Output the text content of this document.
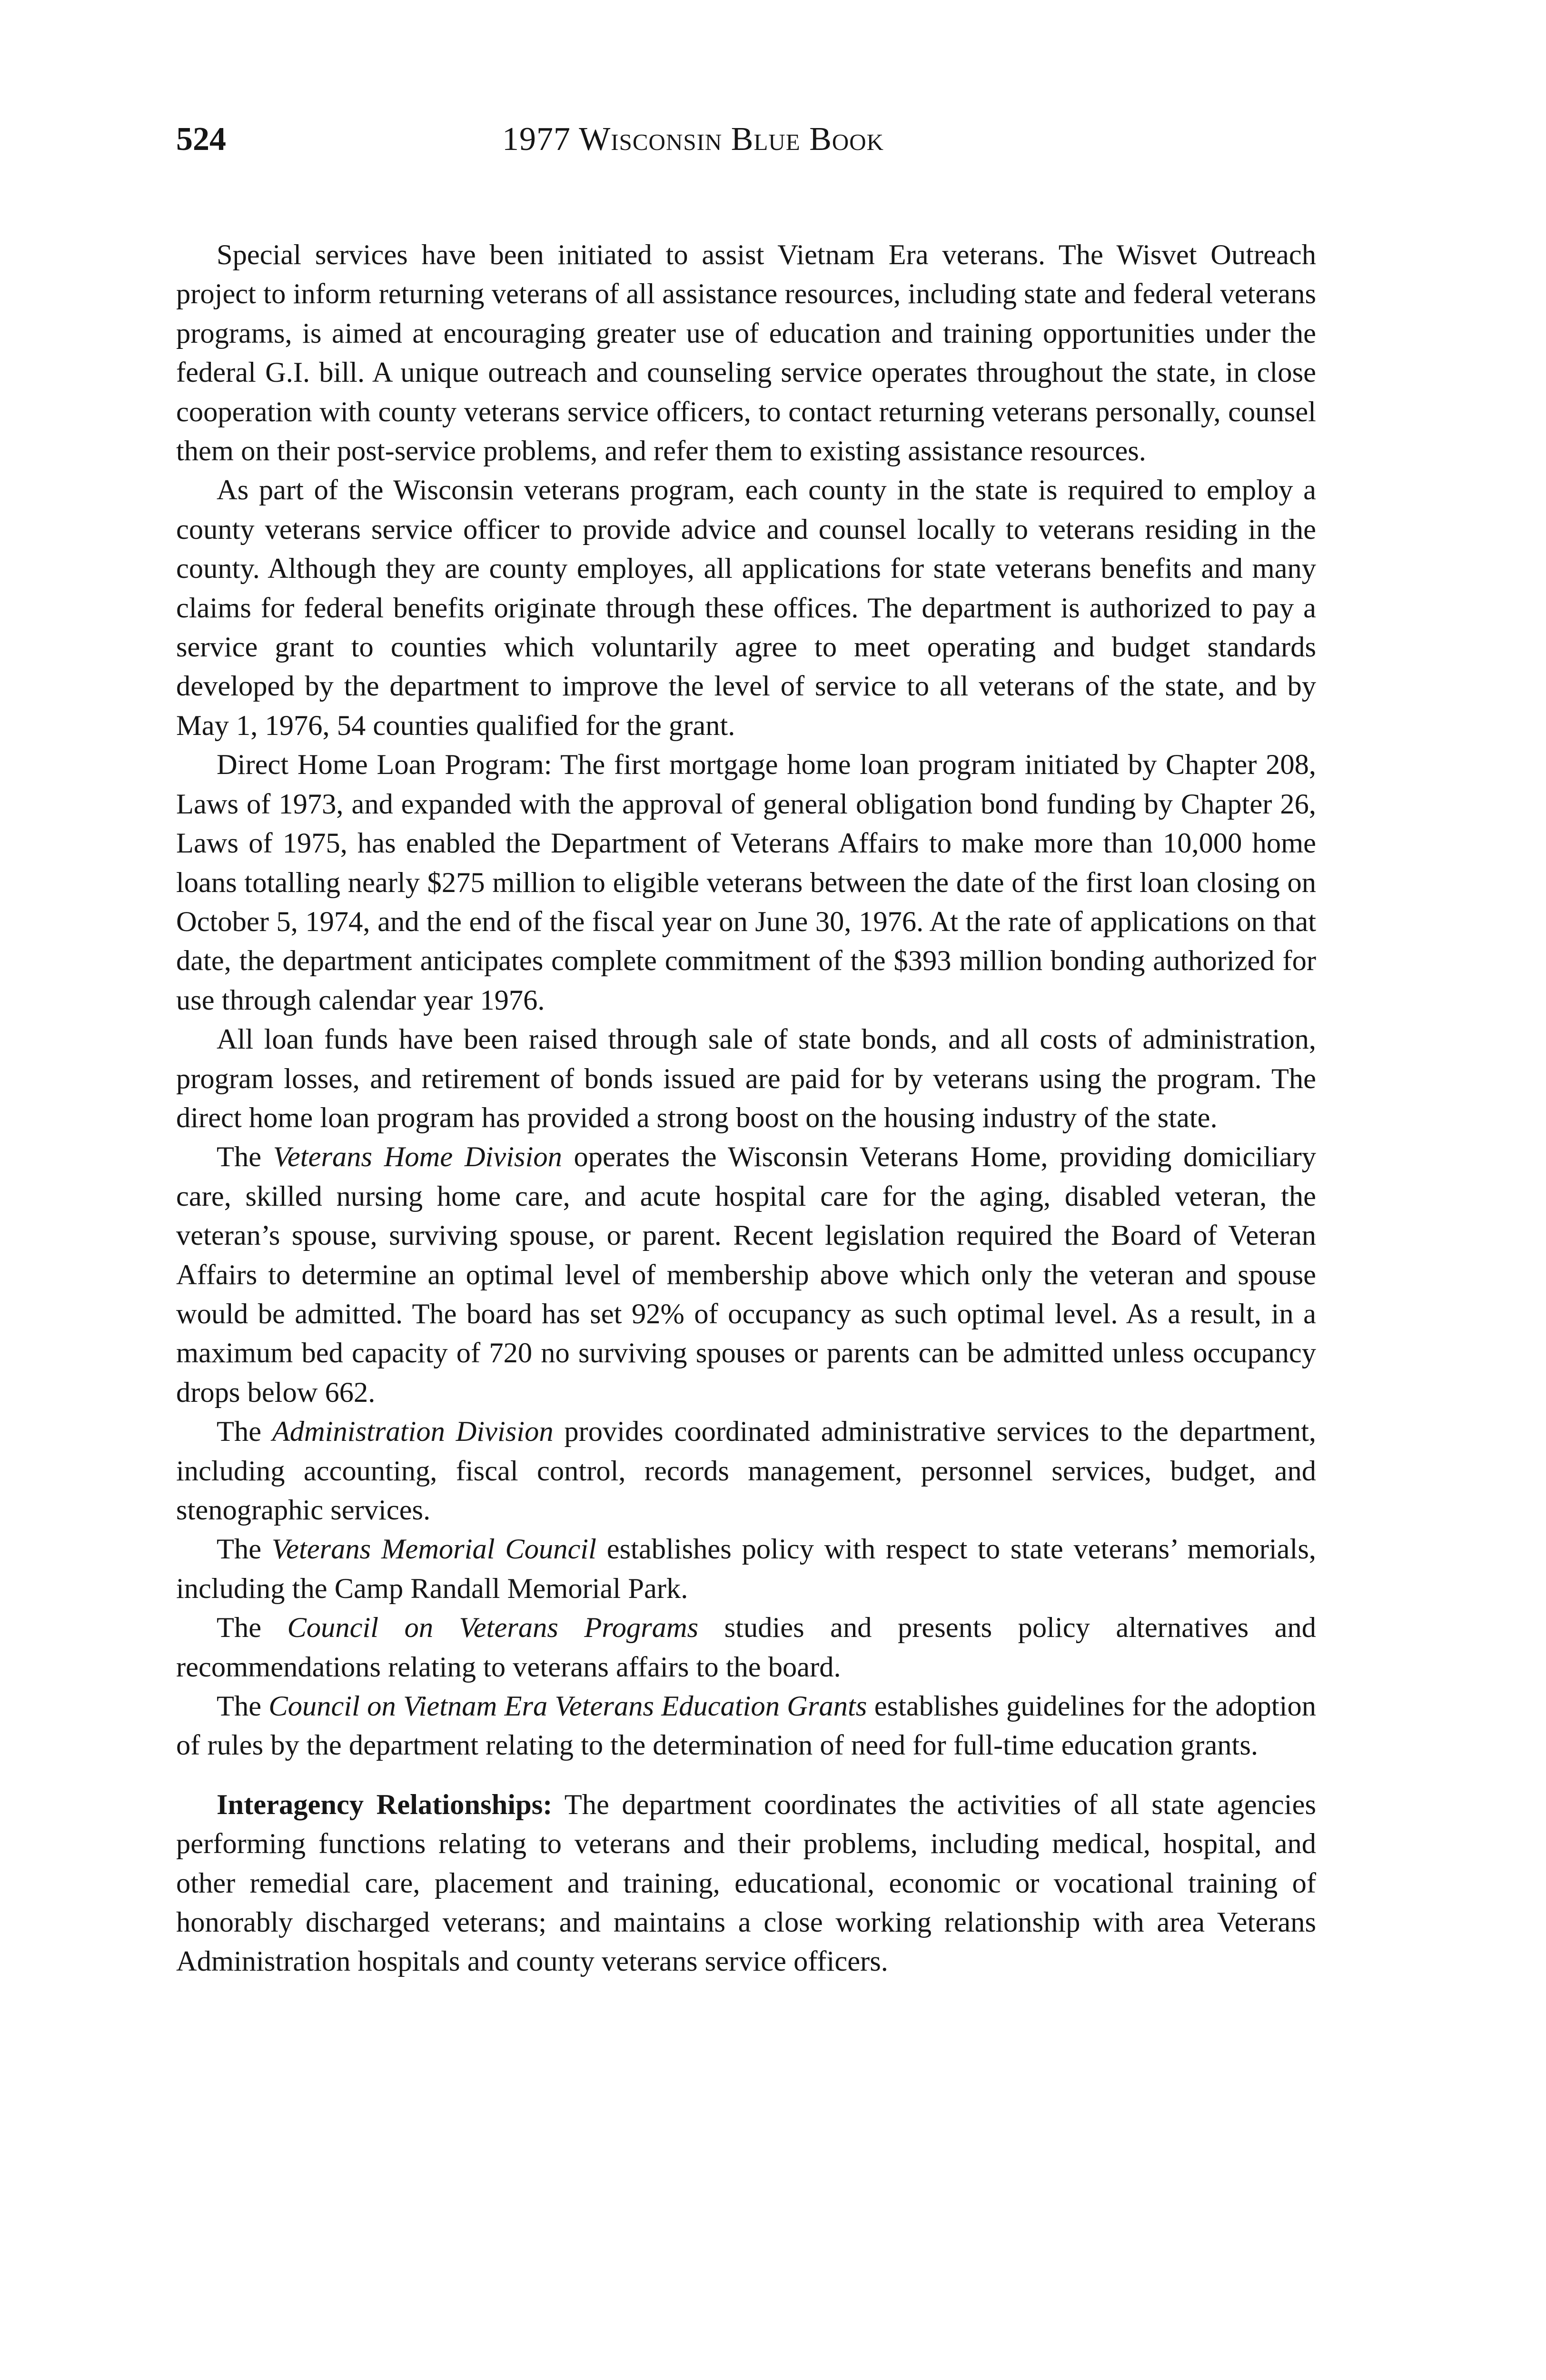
524	1977 Wisconsin Blue Book

Special services have been initiated to assist Vietnam Era veterans. The Wisvet Outreach project to inform returning veterans of all assistance resources, including state and federal veterans programs, is aimed at encouraging greater use of education and training opportunities under the federal G.I. bill. A unique outreach and counseling service operates throughout the state, in close cooperation with county veterans service officers, to contact returning veterans personally, counsel them on their post-service problems, and refer them to existing assistance resources.

As part of the Wisconsin veterans program, each county in the state is required to employ a county veterans service officer to provide advice and counsel locally to veterans residing in the county. Although they are county employes, all applications for state veterans benefits and many claims for federal benefits originate through these offices. The department is authorized to pay a service grant to counties which voluntarily agree to meet operating and budget standards developed by the department to improve the level of service to all veterans of the state, and by May 1, 1976, 54 counties qualified for the grant.

Direct Home Loan Program: The first mortgage home loan program initiated by Chapter 208, Laws of 1973, and expanded with the approval of general obligation bond funding by Chapter 26, Laws of 1975, has enabled the Department of Veterans Affairs to make more than 10,000 home loans totalling nearly $275 million to eligible veterans between the date of the first loan closing on October 5, 1974, and the end of the fiscal year on June 30, 1976. At the rate of applications on that date, the department anticipates complete commitment of the $393 million bonding authorized for use through calendar year 1976.

All loan funds have been raised through sale of state bonds, and all costs of administration, program losses, and retirement of bonds issued are paid for by veterans using the program. The direct home loan program has provided a strong boost on the housing industry of the state.

The Veterans Home Division operates the Wisconsin Veterans Home, providing domiciliary care, skilled nursing home care, and acute hospital care for the aging, disabled veteran, the veteran’s spouse, surviving spouse, or parent. Recent legislation required the Board of Veteran Affairs to determine an optimal level of membership above which only the veteran and spouse would be admitted. The board has set 92% of occupancy as such optimal level. As a result, in a maximum bed capacity of 720 no surviving spouses or parents can be admitted unless occupancy drops below 662.

The Administration Division provides coordinated administrative services to the department, including accounting, fiscal control, records management, personnel services, budget, and stenographic services.

The Veterans Memorial Council establishes policy with respect to state veterans’ memorials, including the Camp Randall Memorial Park.

The Council on Veterans Programs studies and presents policy alternatives and recommendations relating to veterans affairs to the board.

The Council on Vietnam Era Veterans Education Grants establishes guidelines for the adoption of rules by the department relating to the determination of need for full-time education grants.

Interagency Relationships: The department coordinates the activities of all state agencies performing functions relating to veterans and their problems, including medical, hospital, and other remedial care, placement and training, educational, economic or vocational training of honorably discharged veterans; and maintains a close working relationship with area Veterans Administration hospitals and county veterans service officers.
